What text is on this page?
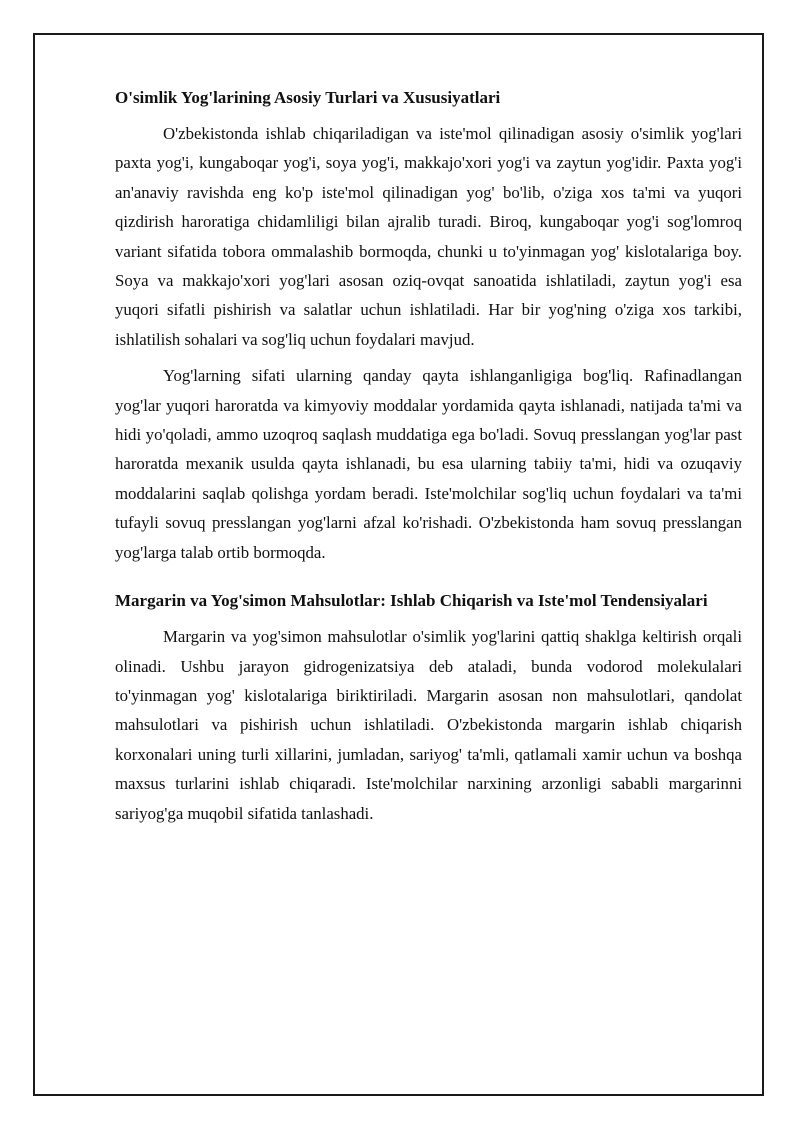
O'simlik Yog'larining Asosiy Turlari va Xususiyatlari

O'zbekistonda ishlab chiqariladigan va iste'mol qilinadigan asosiy o'simlik yog'lari paxta yog'i, kungaboqar yog'i, soya yog'i, makkajo'xori yog'i va zaytun yog'idir. Paxta yog'i an'anaviy ravishda eng ko'p iste'mol qilinadigan yog' bo'lib, o'ziga xos ta'mi va yuqori qizdirish haroratiga chidamliligi bilan ajralib turadi. Biroq, kungaboqar yog'i sog'lomroq variant sifatida tobora ommalashib bormoqda, chunki u to'yinmagan yog' kislotalariga boy. Soya va makkajo'xori yog'lari asosan oziq-ovqat sanoatida ishlatiladi, zaytun yog'i esa yuqori sifatli pishirish va salatlar uchun ishlatiladi. Har bir yog'ning o'ziga xos tarkibi, ishlatilish sohalari va sog'liq uchun foydalari mavjud.

Yog'larning sifati ularning qanday qayta ishlanganligiga bog'liq. Rafinadlangan yog'lar yuqori haroratda va kimyoviy moddalar yordamida qayta ishlanadi, natijada ta'mi va hidi yo'qoladi, ammo uzoqroq saqlash muddatiga ega bo'ladi. Sovuq presslangan yog'lar past haroratda mexanik usulda qayta ishlanadi, bu esa ularning tabiiy ta'mi, hidi va ozuqaviy moddalarini saqlab qolishga yordam beradi. Iste'molchilar sog'liq uchun foydalari va ta'mi tufayli sovuq presslangan yog'larni afzal ko'rishadi. O'zbekistonda ham sovuq presslangan yog'larga talab ortib bormoqda.

Margarin va Yog'simon Mahsulotlar: Ishlab Chiqarish va Iste'mol Tendensiyalari

Margarin va yog'simon mahsulotlar o'simlik yog'larini qattiq shaklga keltirish orqali olinadi. Ushbu jarayon gidrogenizatsiya deb ataladi, bunda vodorod molekulalari to'yinmagan yog' kislotalariga biriktiriladi. Margarin asosan non mahsulotlari, qandolat mahsulotlari va pishirish uchun ishlatiladi. O'zbekistonda margarin ishlab chiqarish korxonalari uning turli xillarini, jumladan, sariyog' ta'mli, qatlamali xamir uchun va boshqa maxsus turlarini ishlab chiqaradi. Iste'molchilar narxining arzonligi sababli margarinni sariyog'ga muqobil sifatida tanlashadi.
